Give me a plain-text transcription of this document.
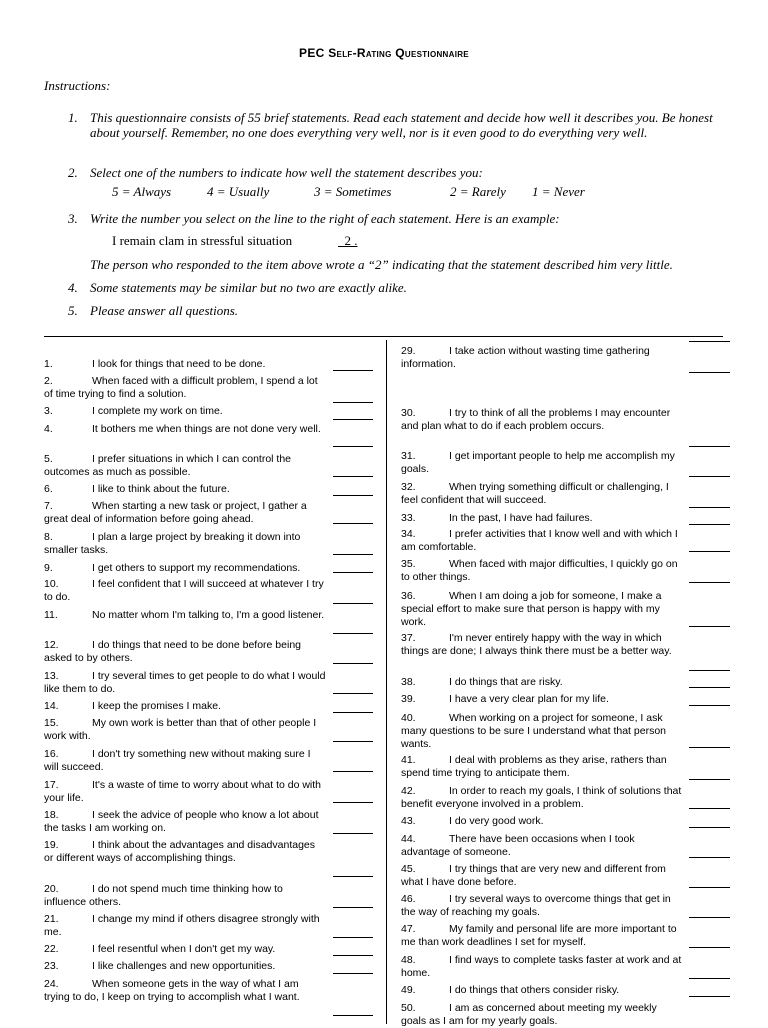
PEC Self-Rating Questionnaire
Instructions:
1. This questionnaire consists of 55 brief statements. Read each statement and decide how well it describes you. Be honest about yourself. Remember, no one does everything very well, nor is it even good to do everything very well.
2. Select one of the numbers to indicate how well the statement describes you:
5 = Always	4 = Usually	3 = Sometimes	2 = Rarely 1 = Never
3. Write the number you select on the line to the right of each statement. Here is an example:
I remain clam in stressful situation	2 .
The person who responded to the item above wrote a “2” indicating that the statement described him very little.
4. Some statements may be similar but no two are exactly alike.
5. Please answer all questions.
1.	I look for things that need to be done.
2.	When faced with a difficult problem, I spend a lot of time trying to find a solution.
3.	I complete my work on time.
4.	It bothers me when things are not done very well.
5.	I prefer situations in which I can control the outcomes as much as possible.
6.	I like to think about the future.
7.	When starting a new task or project, I gather a great deal of information before going ahead.
8.	I plan a large project by breaking it down into smaller tasks.
9.	I get others to support my recommendations.
10.	I feel confident that I will succeed at whatever I try to do.
11.	No matter whom I'm talking to, I'm a good listener.
12.	I do things that need to be done before being asked to by others.
13.	I try several times to get people to do what I would like them to do.
14.	I keep the promises I make.
15.	My own work is better than that of other people I work with.
16.	I don't try something new without making sure I will succeed.
17.	It's a waste of time to worry about what to do with your life.
18.	I seek the advice of people who know a lot about the tasks I am working on.
19.	I think about the advantages and disadvantages or different ways of accomplishing things.
20.	I do not spend much time thinking how to influence others.
21.	I change my mind if others disagree strongly with me.
22.	I feel resentful when I don't get my way.
23.	I like challenges and new opportunities.
24.	When someone gets in the way of what I am trying to do, I keep on trying to accomplish what I want.
29.	I take action without wasting time gathering information.
30.	I try to think of all the problems I may encounter and plan what to do if each problem occurs.
31.	I get important people to help me accomplish my goals.
32.	When trying something difficult or challenging, I feel confident that will succeed.
33.	In the past, I have had failures.
34.	I prefer activities that I know well and with which I am comfortable.
35.	When faced with major difficulties, I quickly go on to other things.
36.	When I am doing a job for someone, I make a special effort to make sure that person is happy with my work.
37.	I'm never entirely happy with the way in which things are done; I always think there must be a better way.
38.	I do things that are risky.
39.	I have a very clear plan for my life.
40.	When working on a project for someone, I ask many questions to be sure I understand what that person wants.
41.	I deal with problems as they arise, rathers than spend time trying to anticipate them.
42.	In order to reach my goals, I think of solutions that benefit everyone involved in a problem.
43.	I do very good work.
44.	There have been occasions when I took advantage of someone.
45.	I try things that are very new and different from what I have done before.
46.	I try several ways to overcome things that get in the way of reaching my goals.
47.	My family and personal life are more important to me than work deadlines I set for myself.
48.	I find ways to complete tasks faster at work and at home.
49.	I do things that others consider risky.
50.	I am as concerned about meeting my weekly goals as I am for my yearly goals.
